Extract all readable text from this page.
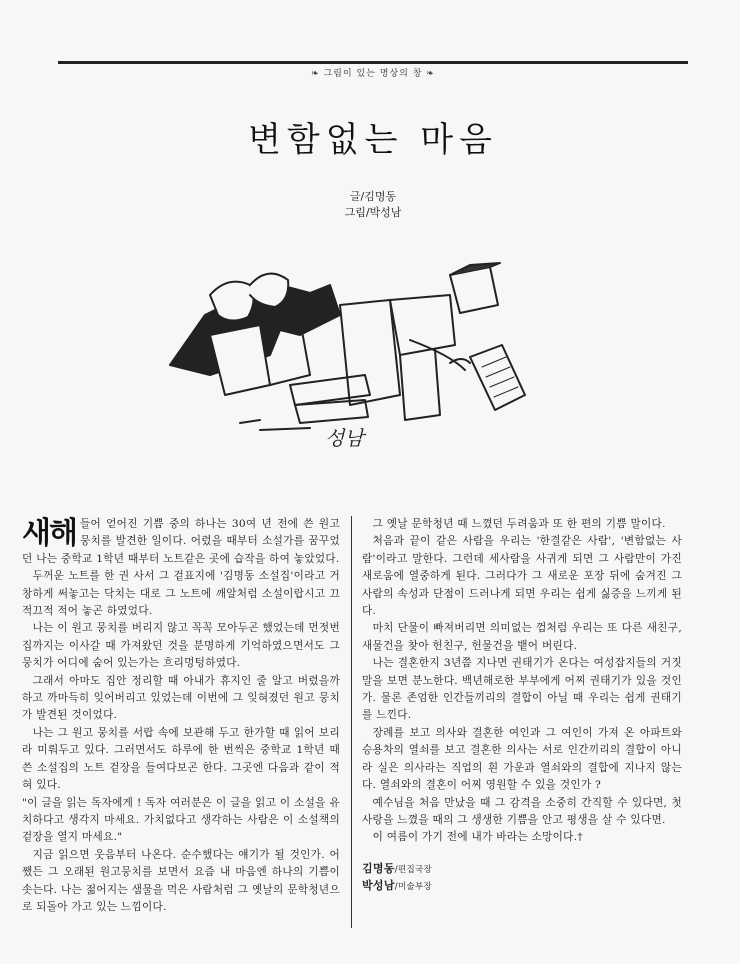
❧ 그림이 있는 명상의 창 ❧
변함없는 마음
글/김명동
그림/박성남
성남

새해 들어 얻어진 기쁨 중의 하나는 30여 년 전에 쓴 원고 뭉치를 발견한 일이다. 어렸을 때부터 소설가를 꿈꾸었던 나는 중학교 1학년 때부터 노트같은 곳에 습작을 하여 놓았었다.

두꺼운 노트를 한 권 사서 그 겉표지에 '김명동 소설집'이라고 거창하게 써놓고는 닥치는 대로 그 노트에 깨알처럼 소설이랍시고 끄적끄적 적어 놓곤 하였었다.

나는 이 원고 뭉치를 버리지 않고 꼭꼭 모아두곤 했었는데 먼젓번 집까지는 이사갈 때 가져왔던 것을 분명하게 기억하였으면서도 그 뭉치가 어디에 숨어 있는가는 흐리멍텅하였다.

그래서 아마도 집안 정리할 때 아내가 휴지인 줄 알고 버렸을까 하고 까마득히 잊어버리고 있었는데 이번에 그 잊혀졌던 원고 뭉치가 발견된 것이었다.

나는 그 원고 뭉치를 서랍 속에 보관해 두고 한가할 때 읽어 보리라 미뤄두고 있다. 그러면서도 하루에 한 번씩은 중학교 1학년 때 쓴 소설집의 노트 겉장을 들여다보곤 한다. 그곳엔 다음과 같이 적혀 있다.

"이 글을 읽는 독자에게 ! 독자 여러분은 이 글을 읽고 이 소설을 유치하다고 생각지 마세요. 가치없다고 생각하는 사람은 이 소설책의 겉장을 열지 마세요."

지금 읽으면 웃음부터 나온다. 순수했다는 얘기가 될 것인가. 어쨌든 그 오래된 원고뭉치를 보면서 요즘 내 마음엔 하나의 기쁨이 솟는다. 나는 젊어지는 샘물을 먹은 사람처럼 그 옛날의 문학청년으로 되돌아 가고 있는 느낌이다.

그 옛날 문학청년 때 느꼈던 두려움과 또 한 편의 기쁨 말이다.

처음과 끝이 같은 사람을 우리는 '한결같은 사람', '변함없는 사람'이라고 말한다. 그런데 세사람을 사귀게 되면 그 사람만이 가진 새로움에 열중하게 된다. 그러다가 그 새로운 포장 뒤에 숨겨진 그 사람의 속성과 단점이 드러나게 되면 우리는 쉽게 싫증을 느끼게 된다.

마치 단물이 빠져버리면 의미없는 껌처럼 우리는 또 다른 새친구, 새물건을 찾아 헌친구, 헌물건을 뱉어 버린다.

나는 결혼한지 3년쯤 지나면 권태기가 온다는 여성잡지들의 거짓말을 보면 분노한다. 백년해로한 부부에게 어찌 권태기가 있을 것인가. 물론 존엄한 인간들끼리의 결합이 아닐 때 우리는 쉽게 권태기를 느낀다.

장례를 보고 의사와 결혼한 여인과 그 여인이 가져 온 아파트와 승용차의 열쇠를 보고 결혼한 의사는 서로 인간끼리의 결합이 아니라 실은 의사라는 직업의 흰 가운과 열쇠와의 결합에 지나지 않는다. 열쇠와의 결혼이 어찌 영원할 수 있을 것인가 ?

예수님을 처음 만났을 때 그 감격을 소중히 간직할 수 있다면, 첫사랑을 느꼈을 때의 그 생생한 기쁨을 안고 평생을 살 수 있다면.

이 여름이 가기 전에 내가 바라는 소망이다.†

김명동/편집국장

박성남/미술부장
